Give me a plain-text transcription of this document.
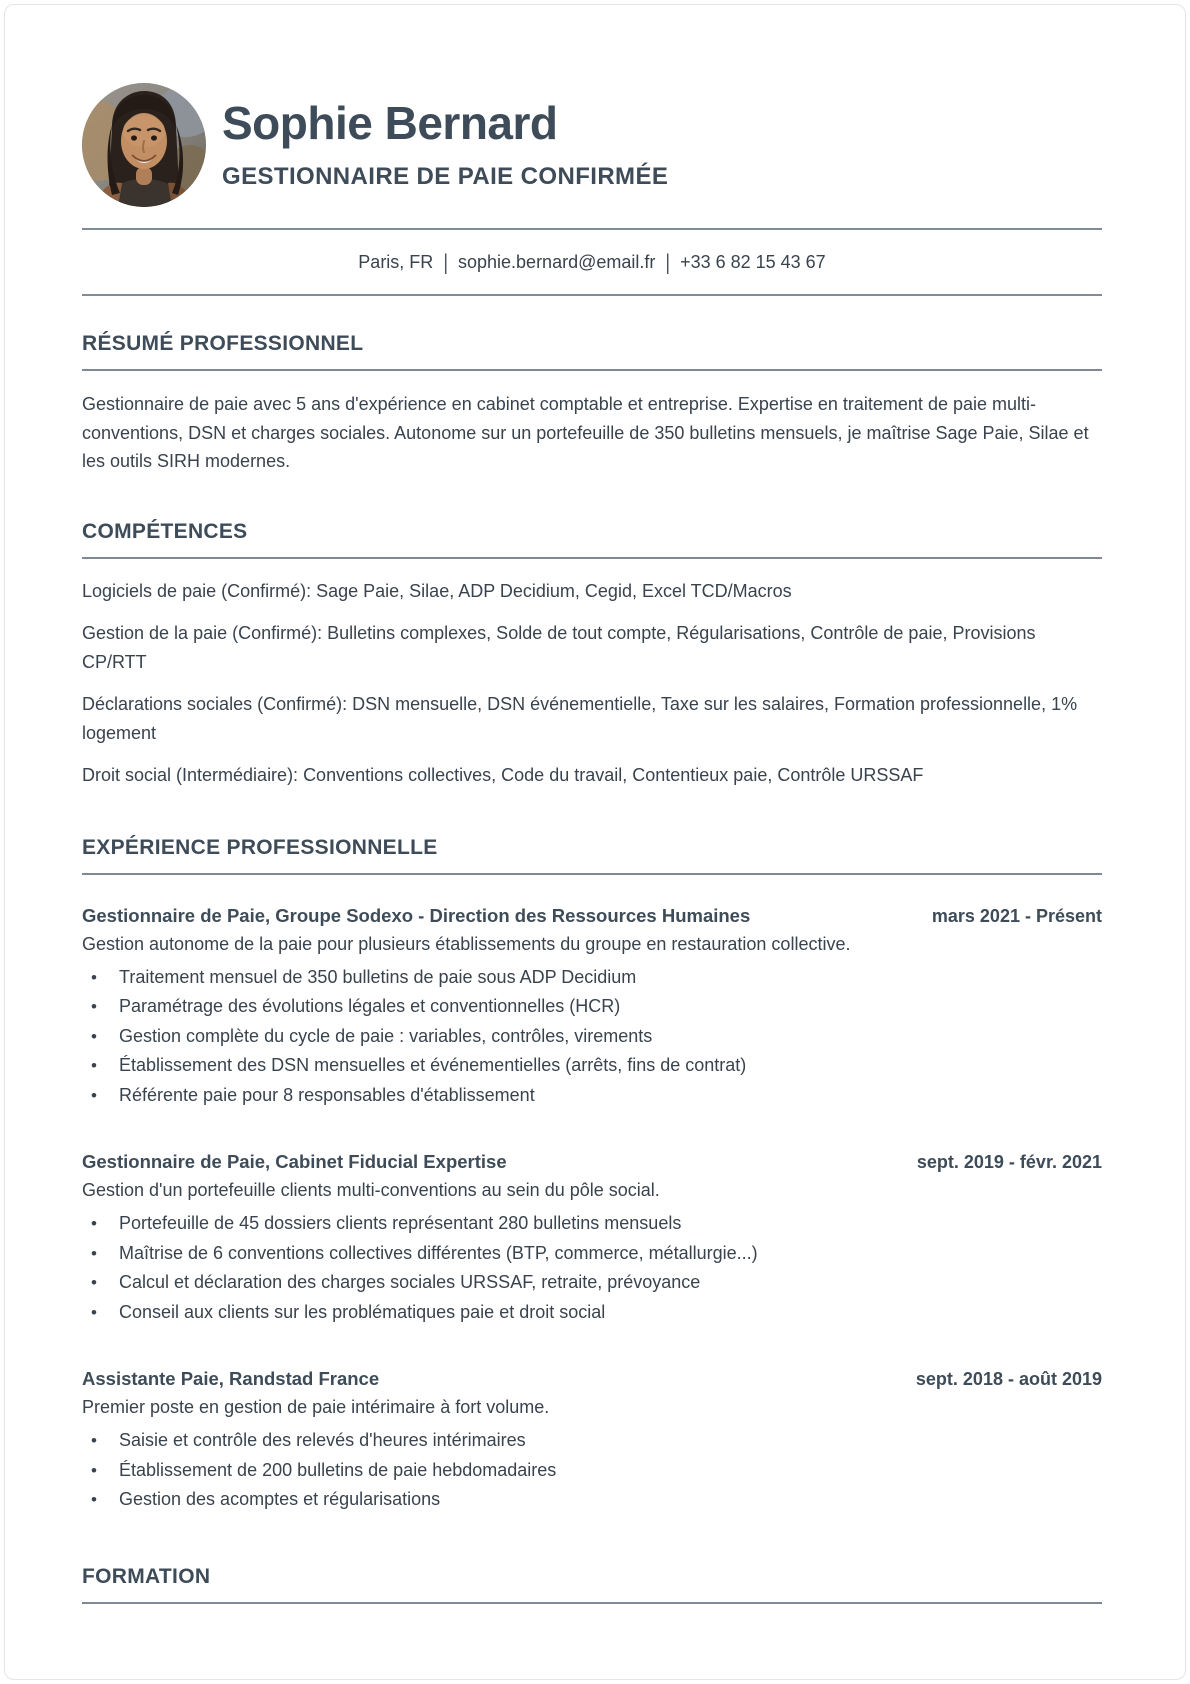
Sophie Bernard
GESTIONNAIRE DE PAIE CONFIRMÉE
Paris, FR | sophie.bernard@email.fr | +33 6 82 15 43 67
RÉSUMÉ PROFESSIONNEL

Gestionnaire de paie avec 5 ans d'expérience en cabinet comptable et entreprise. Expertise en traitement de paie multi-conventions, DSN et charges sociales. Autonome sur un portefeuille de 350 bulletins mensuels, je maîtrise Sage Paie, Silae et les outils SIRH modernes.

COMPÉTENCES

Logiciels de paie (Confirmé): Sage Paie, Silae, ADP Decidium, Cegid, Excel TCD/Macros

Gestion de la paie (Confirmé): Bulletins complexes, Solde de tout compte, Régularisations, Contrôle de paie, Provisions CP/RTT

Déclarations sociales (Confirmé): DSN mensuelle, DSN événementielle, Taxe sur les salaires, Formation professionnelle, 1% logement

Droit social (Intermédiaire): Conventions collectives, Code du travail, Contentieux paie, Contrôle URSSAF

EXPÉRIENCE PROFESSIONNELLE
Gestionnaire de Paie, Groupe Sodexo - Direction des Ressources Humaines	mars 2021 - Présent
Gestion autonome de la paie pour plusieurs établissements du groupe en restauration collective.
• Traitement mensuel de 350 bulletins de paie sous ADP Decidium
• Paramétrage des évolutions légales et conventionnelles (HCR)
• Gestion complète du cycle de paie : variables, contrôles, virements
• Établissement des DSN mensuelles et événementielles (arrêts, fins de contrat)
• Référente paie pour 8 responsables d'établissement
Gestionnaire de Paie, Cabinet Fiducial Expertise	sept. 2019 - févr. 2021
Gestion d'un portefeuille clients multi-conventions au sein du pôle social.
• Portefeuille de 45 dossiers clients représentant 280 bulletins mensuels
• Maîtrise de 6 conventions collectives différentes (BTP, commerce, métallurgie...)
• Calcul et déclaration des charges sociales URSSAF, retraite, prévoyance
• Conseil aux clients sur les problématiques paie et droit social
Assistante Paie, Randstad France	sept. 2018 - août 2019
Premier poste en gestion de paie intérimaire à fort volume.
• Saisie et contrôle des relevés d'heures intérimaires
• Établissement de 200 bulletins de paie hebdomadaires
• Gestion des acomptes et régularisations
FORMATION
